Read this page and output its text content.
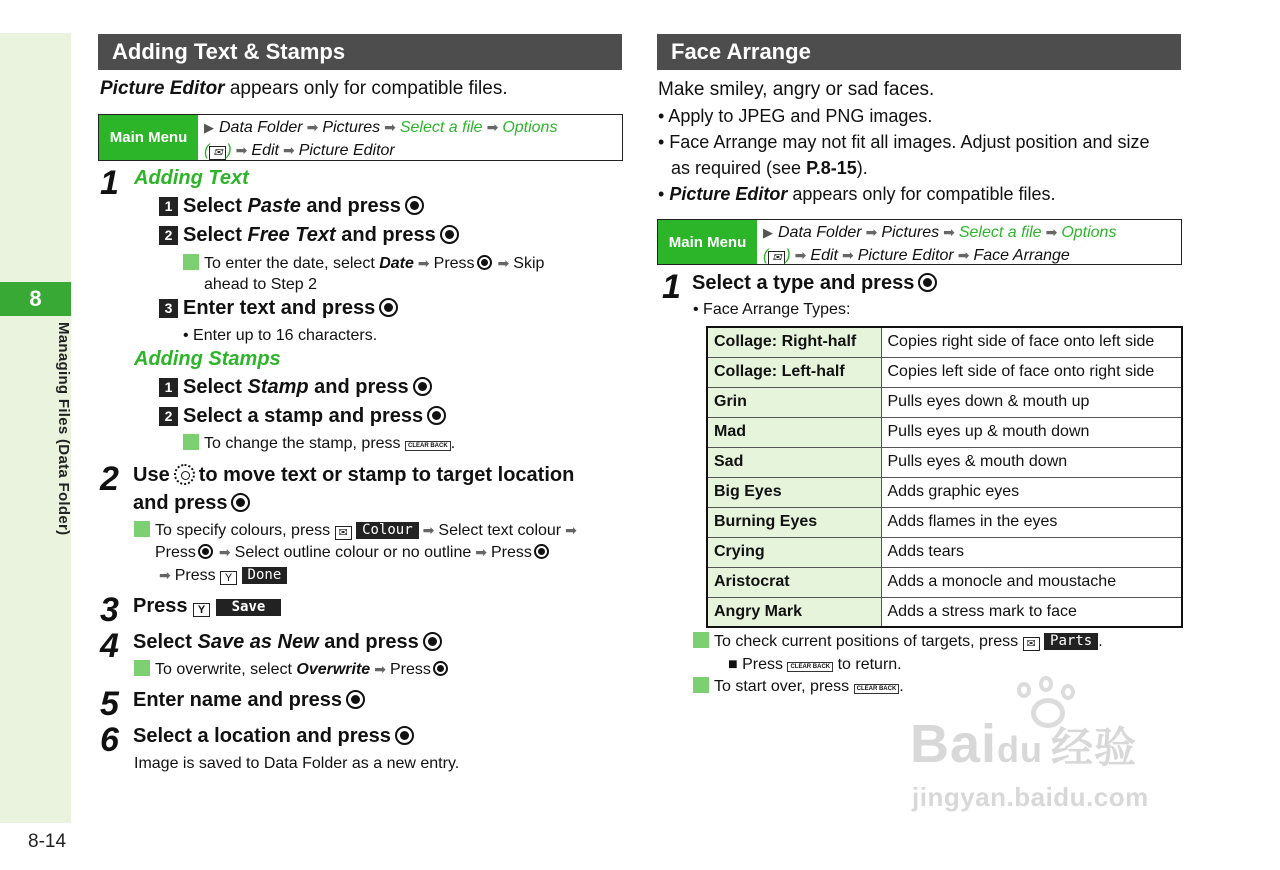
8
Managing Files (Data Folder)
8-14
Adding Text & Stamps
Picture Editor appears only for compatible files.
Main Menu
▶ Data Folder ➡ Pictures ➡ Select a file ➡ Options
( ✉ ) ➡ Edit ➡ Picture Editor
1 Adding Text
1 Select Paste and press
2 Select Free Text and press
To enter the date, select Date ➡ Press ➡ Skip
ahead to Step 2
3 Enter text and press
• Enter up to 16 characters.
Adding Stamps
1 Select Stamp and press
2 Select a stamp and press
To change the stamp, press CLEAR BACK .
2 Use to move text or stamp to target location
and press
To specify colours, press ✉ Colour ➡ Select text colour ➡
Press ➡ Select outline colour or no outline ➡ Press
➡ Press Y Done
3 Press Y Save
4 Select Save as New and press
To overwrite, select Overwrite ➡ Press
5 Enter name and press
6 Select a location and press
Image is saved to Data Folder as a new entry.
Face Arrange
Make smiley, angry or sad faces.
• Apply to JPEG and PNG images.
• Face Arrange may not fit all images. Adjust position and size
as required (see P.8-15).
• Picture Editor appears only for compatible files.
Main Menu
▶ Data Folder ➡ Pictures ➡ Select a file ➡ Options
( ✉ ) ➡ Edit ➡ Picture Editor ➡ Face Arrange
1 Select a type and press
• Face Arrange Types:
Collage: Right-half	Copies right side of face onto left side
Collage: Left-half	Copies left side of face onto right side
Grin	Pulls eyes down & mouth up
Mad	Pulls eyes up & mouth down
Sad	Pulls eyes & mouth down
Big Eyes	Adds graphic eyes
Burning Eyes	Adds flames in the eyes
Crying	Adds tears
Aristocrat	Adds a monocle and moustache
Angry Mark	Adds a stress mark to face
To check current positions of targets, press ✉ Parts .
■ Press CLEAR BACK to return.
To start over, press CLEAR BACK .
Baidu 经验
jingyan.baidu.com
